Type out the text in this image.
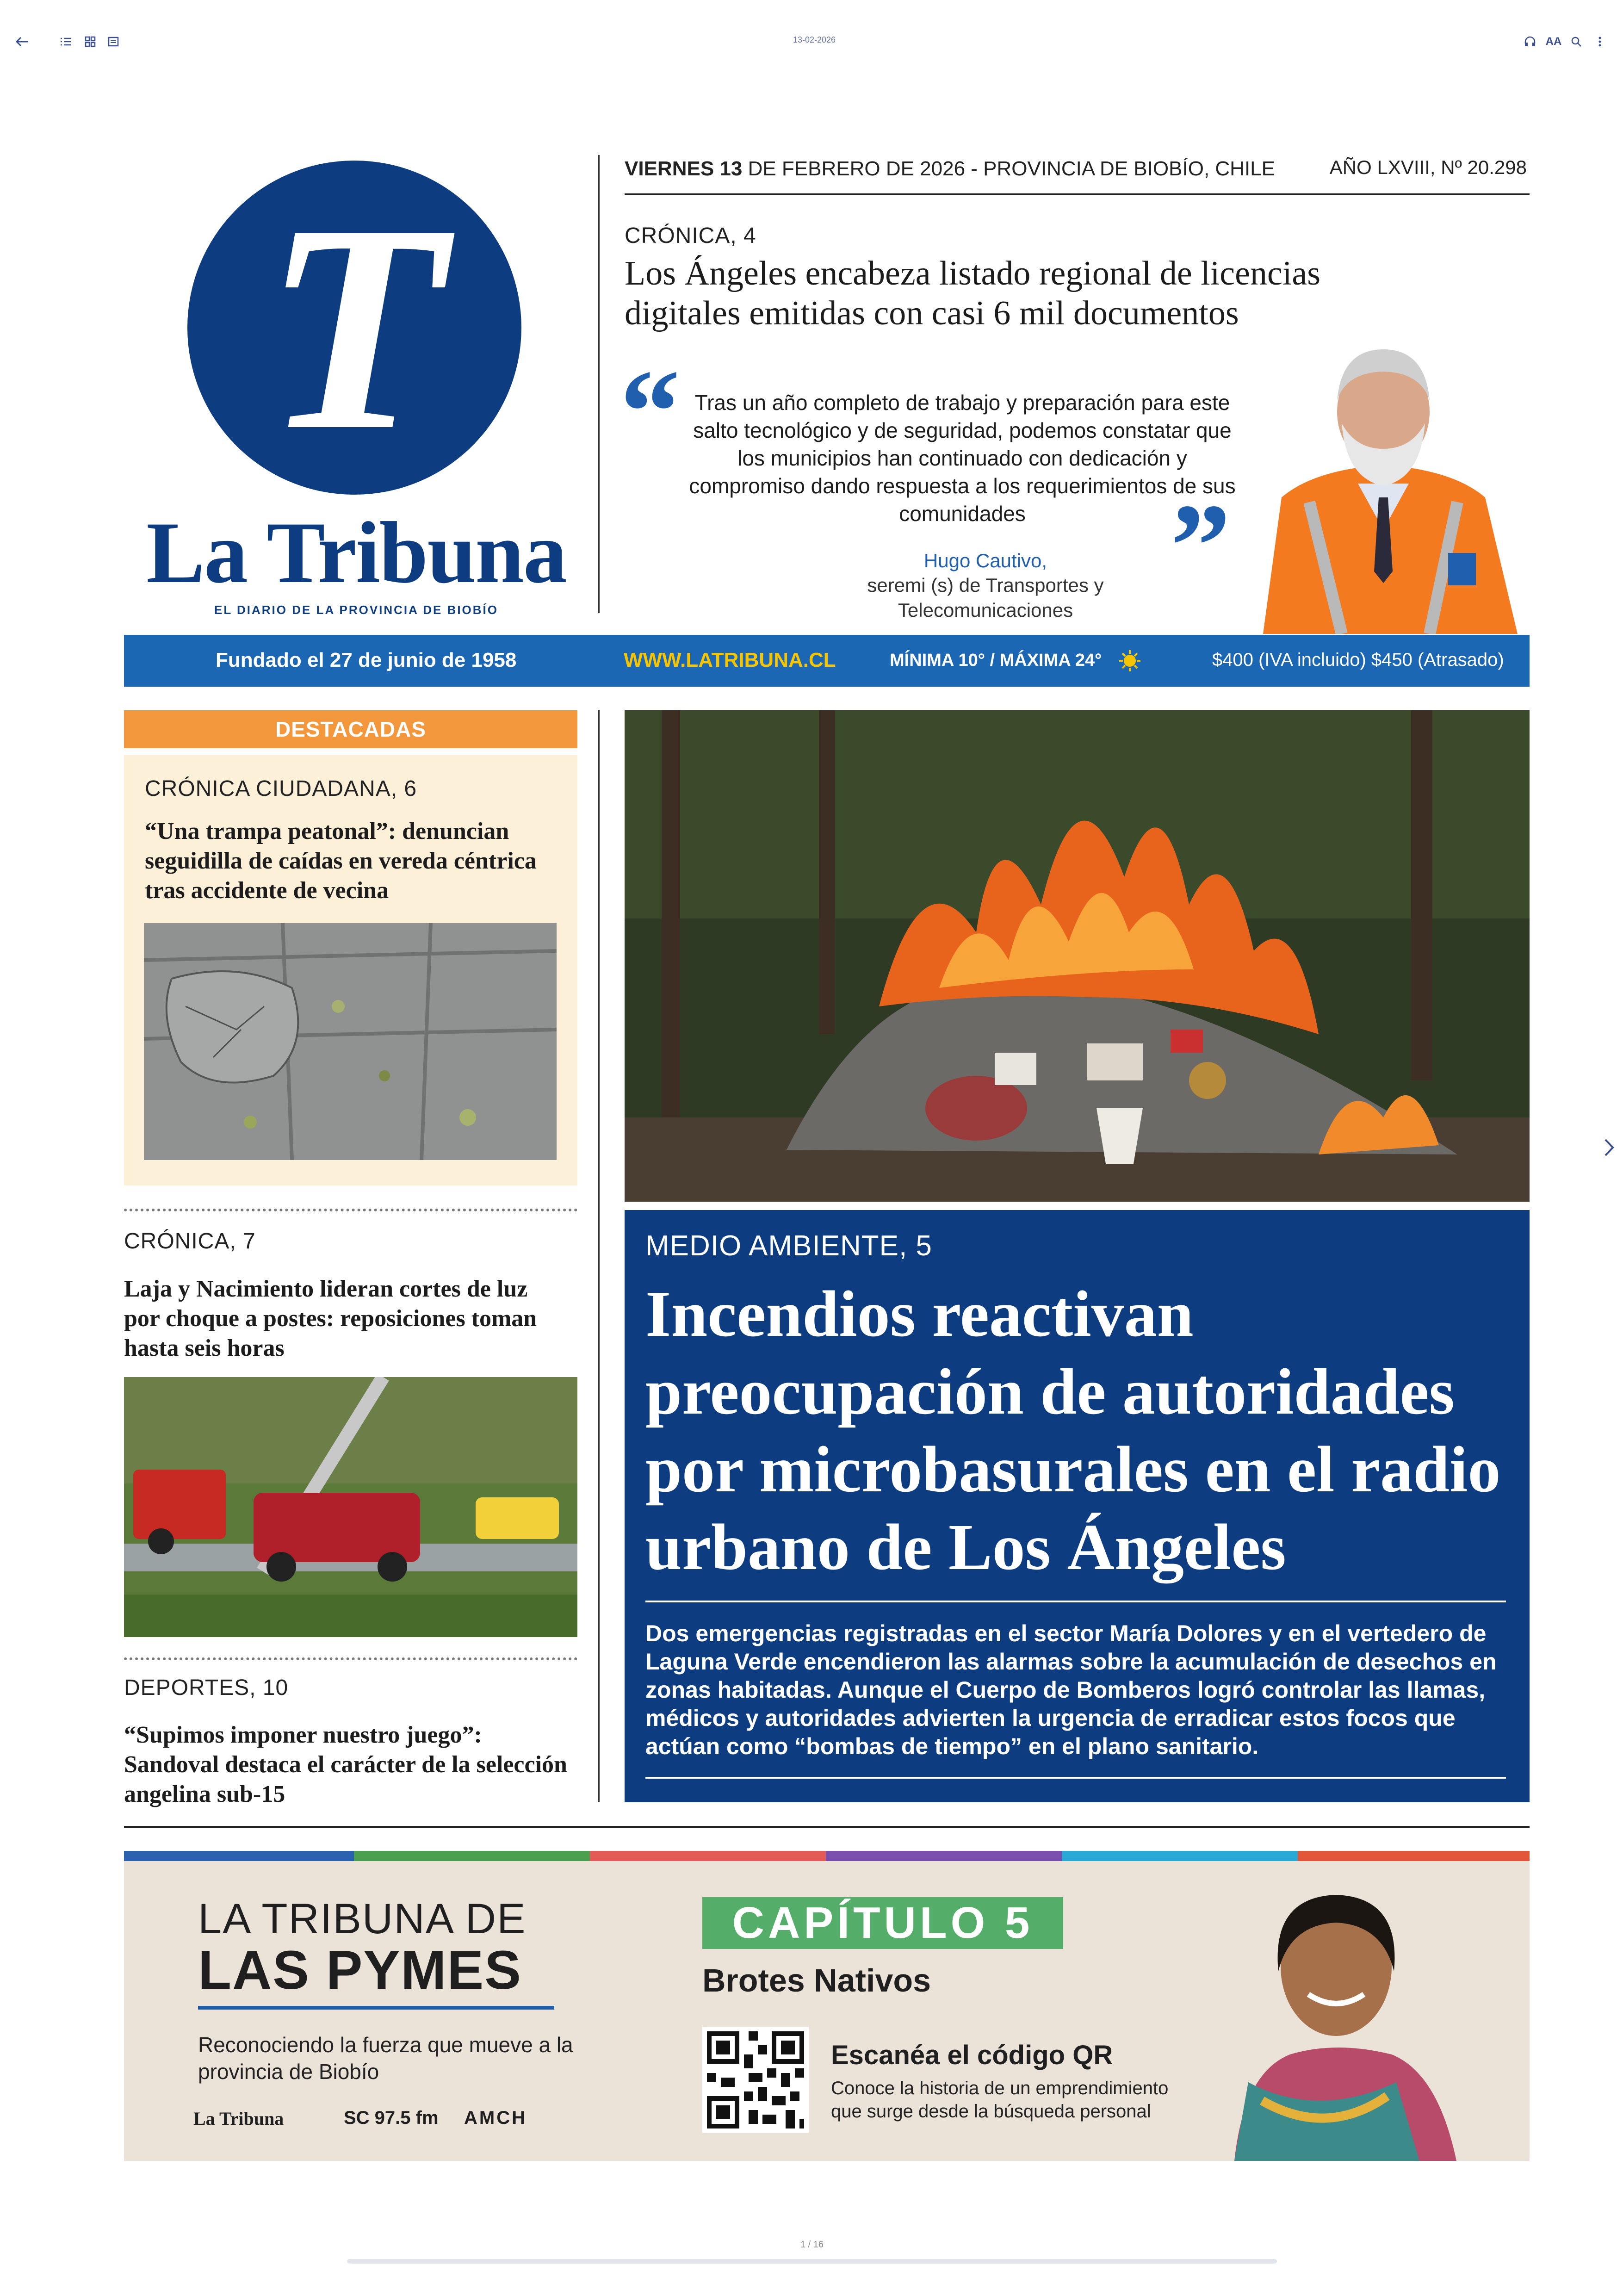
13-02-2026	AA
T
La Tribuna
EL DIARIO DE LA PROVINCIA DE BIOBÍO
VIERNES 13 DE FEBRERO DE 2026 - PROVINCIA DE BIOBÍO, CHILE	AÑO LXVIII, Nº 20.298
CRÓNICA, 4
Los Ángeles encabeza listado regional de licencias digitales emitidas con casi 6 mil documentos
“ Tras un año completo de trabajo y preparación para este salto tecnológico y de seguridad, podemos constatar que los municipios han continuado con dedicación y compromiso dando respuesta a los requerimientos de sus comunidades	”
Hugo Cautivo,
seremi (s) de Transportes y Telecomunicaciones
Fundado el 27 de junio de 1958	WWW.LATRIBUNA.CL	MÍNIMA 10° / MÁXIMA 24°	$400 (IVA incluido) $450 (Atrasado)
DESTACADAS
CRÓNICA CIUDADANA, 6
“Una trampa peatonal”: denuncian seguidilla de caídas en vereda céntrica tras accidente de vecina
CRÓNICA, 7
Laja y Nacimiento lideran cortes de luz por choque a postes: reposiciones toman hasta seis horas
DEPORTES, 10
“Supimos imponer nuestro juego”: Sandoval destaca el carácter de la selección angelina sub-15
MEDIO AMBIENTE, 5
Incendios reactivan preocupación de autoridades por microbasurales en el radio urbano de Los Ángeles
Dos emergencias registradas en el sector María Dolores y en el vertedero de Laguna Verde encendieron las alarmas sobre la acumulación de desechos en zonas habitadas. Aunque el Cuerpo de Bomberos logró controlar las llamas, médicos y autoridades advierten la urgencia de erradicar estos focos que actúan como “bombas de tiempo” en el plano sanitario.
LA TRIBUNA DE
LAS PYMES
Reconociendo la fuerza que mueve a la provincia de Biobío
La Tribuna	SC 97.5 fm AMCH
CAPÍTULO 5
Brotes Nativos
Escanéa el código QR
Conoce la historia de un emprendimiento que surge desde la búsqueda personal
1 / 16
